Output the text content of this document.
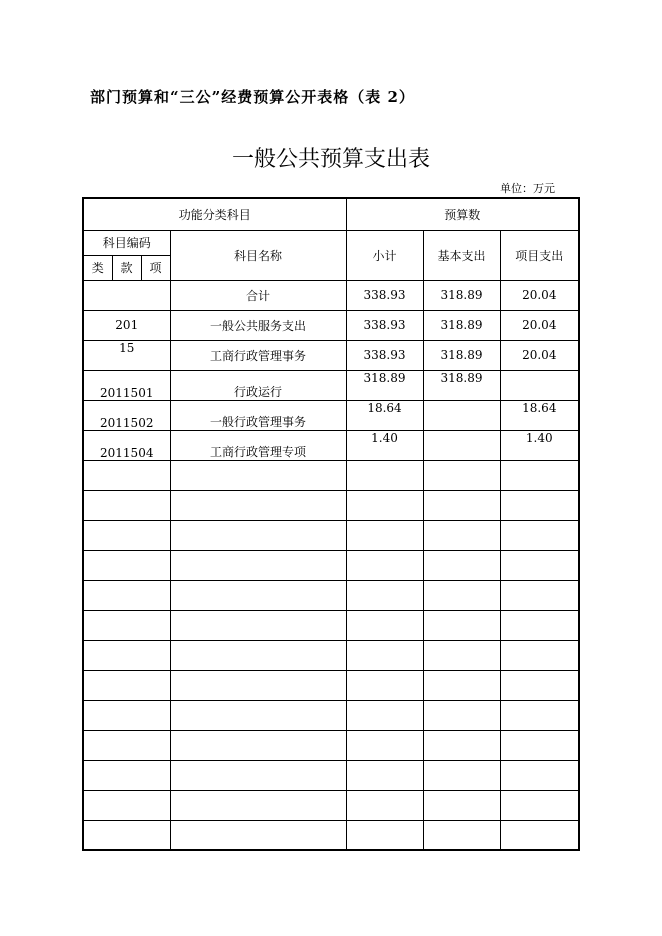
部门预算和“三公”经费预算公开表格（表 2）
一般公共预算支出表
单位：万元
功能分类科目				预算数		
科目编码			科目名称	小计	基本支出	项目支出
类	款	项				
			合计	338.93	318.89	20.04
201			一般公共服务支出	338.93	318.89	20.04
15			工商行政管理事务	338.93	318.89	20.04
2011501			行政运行	318.89	318.89	
2011502			一般行政管理事务	18.64		18.64
2011504			工商行政管理专项	1.40		1.40
